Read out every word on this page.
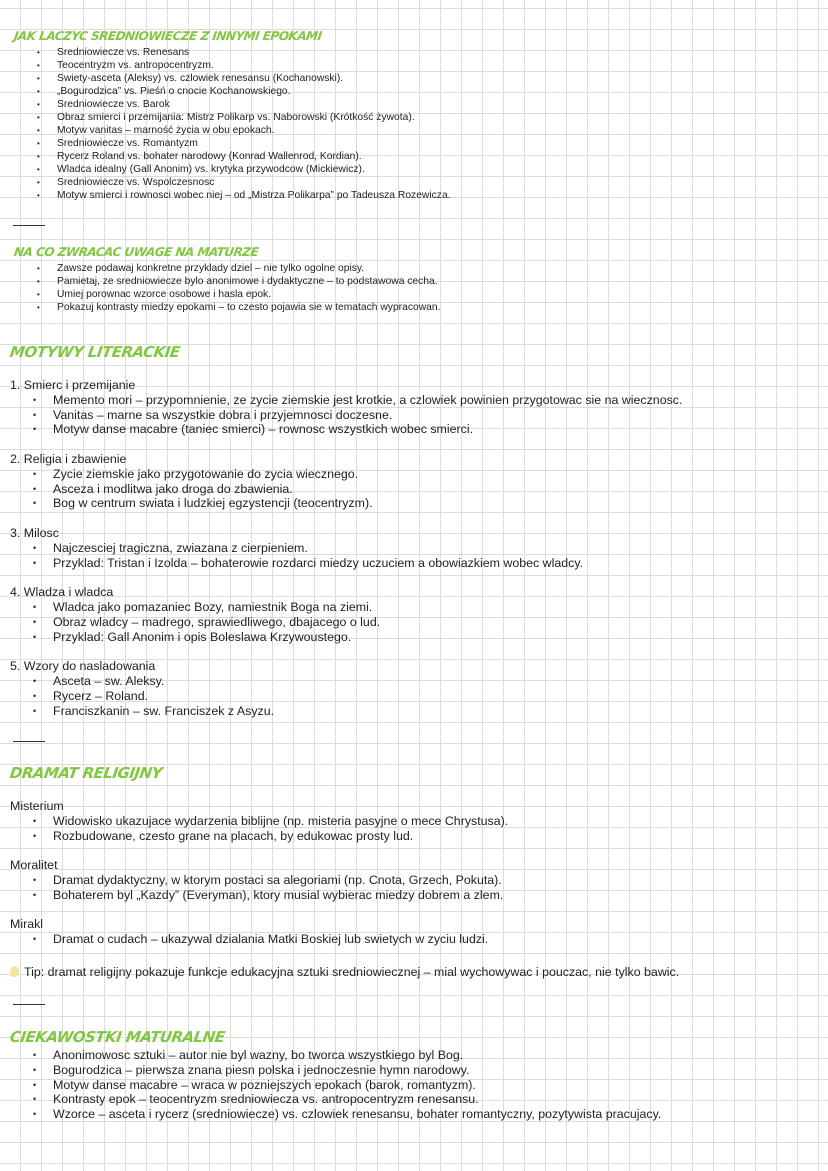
JAK LACZYC SREDNIOWIECZE Z INNYMI EPOKAMI
• Sredniowiecze vs. Renesans
• Teocentryzm vs. antropocentryzm.
• Swiety-asceta (Aleksy) vs. czlowiek renesansu (Kochanowski).
• „Bogurodzica” vs. Pieśń o cnocie Kochanowskiego.
• Sredniowiecze vs. Barok
• Obraz smierci i przemijania: Mistrz Polikarp vs. Naborowski (Krótkość żywota).
• Motyw vanitas – marność życia w obu epokach.
• Sredniowiecze vs. Romantyzm
• Rycerz Roland vs. bohater narodowy (Konrad Wallenrod, Kordian).
• Wladca idealny (Gall Anonim) vs. krytyka przywodcow (Mickiewicz).
• Sredniowiecze vs. Wspolczesnosc
• Motyw smierci i rownosci wobec niej – od „Mistrza Polikarpa” po Tadeusza Rozewicza.
NA CO ZWRACAC UWAGE NA MATURZE
• Zawsze podawaj konkretne przyklady dziel – nie tylko ogolne opisy.
• Pamietaj, ze sredniowiecze bylo anonimowe i dydaktyczne – to podstawowa cecha.
• Umiej porownac wzorce osobowe i hasla epok.
• Pokazuj kontrasty miedzy epokami – to czesto pojawia sie w tematach wypracowan.
MOTYWY LITERACKIE
1. Smierc i przemijanie
• Memento mori – przypomnienie, ze zycie ziemskie jest krotkie, a czlowiek powinien przygotowac sie na wiecznosc.
• Vanitas – marne sa wszystkie dobra i przyjemnosci doczesne.
• Motyw danse macabre (taniec smierci) – rownosc wszystkich wobec smierci.
2. Religia i zbawienie
• Zycie ziemskie jako przygotowanie do zycia wiecznego.
• Asceza i modlitwa jako droga do zbawienia.
• Bog w centrum swiata i ludzkiej egzystencji (teocentryzm).
3. Milosc
• Najczesciej tragiczna, zwiazana z cierpieniem.
• Przyklad: Tristan i Izolda – bohaterowie rozdarci miedzy uczuciem a obowiazkiem wobec wladcy.
4. Wladza i wladca
• Wladca jako pomazaniec Bozy, namiestnik Boga na ziemi.
• Obraz wladcy – madrego, sprawiedliwego, dbajacego o lud.
• Przyklad: Gall Anonim i opis Boleslawa Krzywoustego.
5. Wzory do nasladowania
• Asceta – sw. Aleksy.
• Rycerz – Roland.
• Franciszkanin – sw. Franciszek z Asyzu.
DRAMAT RELIGIJNY
Misterium
• Widowisko ukazujace wydarzenia biblijne (np. misteria pasyjne o mece Chrystusa).
• Rozbudowane, czesto grane na placach, by edukowac prosty lud.
Moralitet
• Dramat dydaktyczny, w ktorym postaci sa alegoriami (np. Cnota, Grzech, Pokuta).
• Bohaterem byl „Kazdy” (Everyman), ktory musial wybierac miedzy dobrem a zlem.
Mirakl
• Dramat o cudach – ukazywal dzialania Matki Boskiej lub swietych w zyciu ludzi.
Tip: dramat religijny pokazuje funkcje edukacyjna sztuki sredniowiecznej – mial wychowywac i pouczac, nie tylko bawic.
CIEKAWOSTKI MATURALNE
• Anonimowosc sztuki – autor nie byl wazny, bo tworca wszystkiego byl Bog.
• Bogurodzica – pierwsza znana piesn polska i jednoczesnie hymn narodowy.
• Motyw danse macabre – wraca w pozniejszych epokach (barok, romantyzm).
• Kontrasty epok – teocentryzm sredniowiecza vs. antropocentryzm renesansu.
• Wzorce – asceta i rycerz (sredniowiecze) vs. czlowiek renesansu, bohater romantyczny, pozytywista pracujacy.
